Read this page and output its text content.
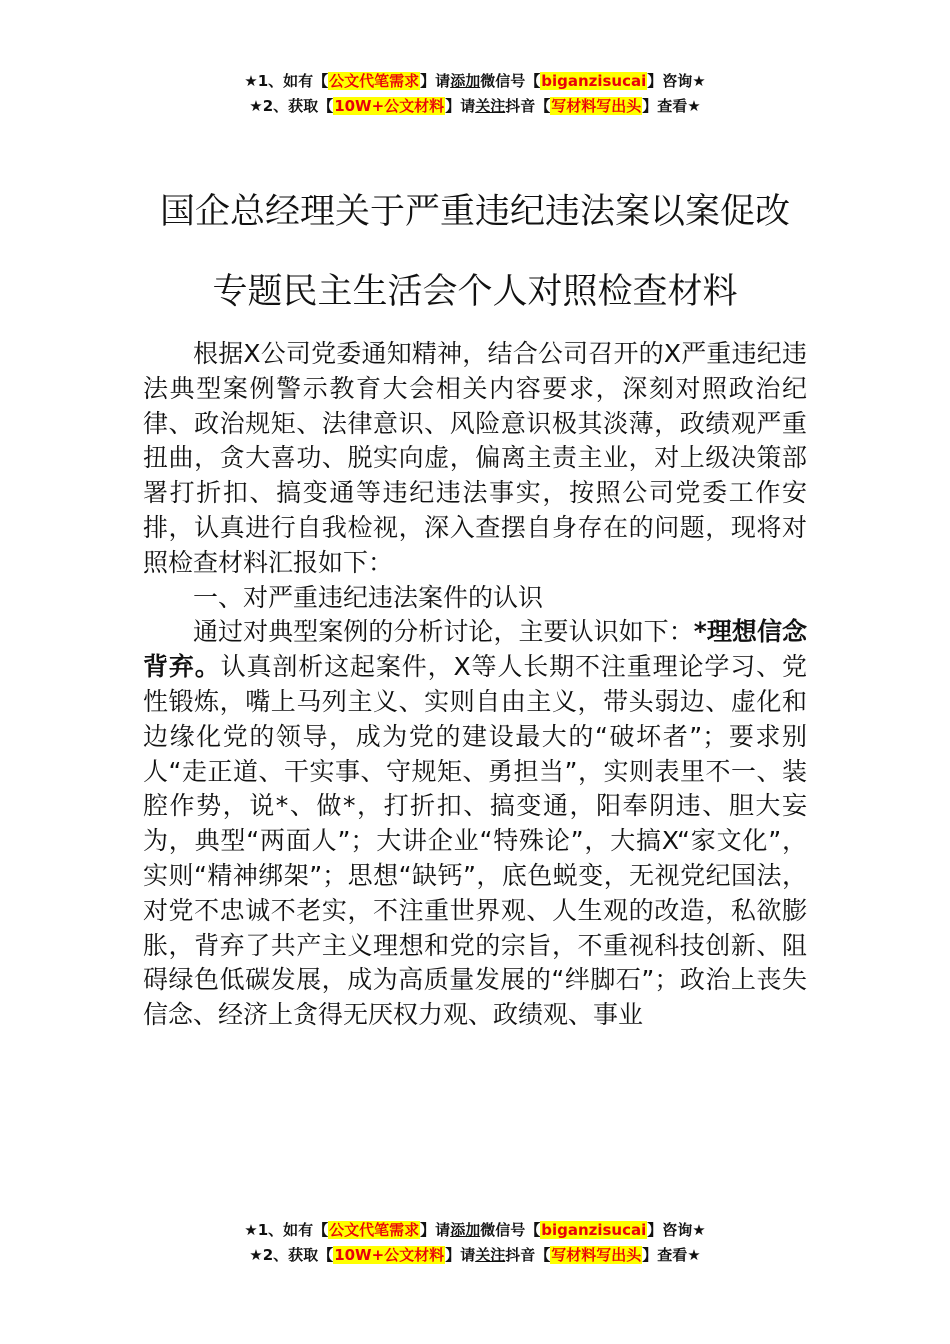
★1、如有【公文代笔需求】请添加微信号【biganzisucai】咨询★
★2、获取【10W+公文材料】请关注抖音【写材料写出头】查看★
国企总经理关于严重违纪违法案以案促改
专题民主生活会个人对照检查材料

根据X公司党委通知精神，结合公司召开的X严重违纪违法典型案例警示教育大会相关内容要求，深刻对照政治纪律、政治规矩、法律意识、风险意识极其淡薄，政绩观严重扭曲，贪大喜功、脱实向虚，偏离主责主业，对上级决策部署打折扣、搞变通等违纪违法事实，按照公司党委工作安排，认真进行自我检视，深入查摆自身存在的问题，现将对照检查材料汇报如下：

一、对严重违纪违法案件的认识

通过对典型案例的分析讨论，主要认识如下：*理想信念背弃。认真剖析这起案件，X等人长期不注重理论学习、党性锻炼，嘴上马列主义、实则自由主义，带头弱边、虚化和边缘化党的领导，成为党的建设最大的“破坏者”；要求别人“走正道、干实事、守规矩、勇担当”，实则表里不一、装腔作势，说*、做*，打折扣、搞变通，阳奉阴违、胆大妄为，典型“两面人”；大讲企业“特殊论”，大搞X“家文化”，实则“精神绑架”；思想“缺钙”，底色蜕变，无视党纪国法，对党不忠诚不老实，不注重世界观、人生观的改造，私欲膨胀，背弃了共产主义理想和党的宗旨，不重视科技创新、阻碍绿色低碳发展，成为高质量发展的“绊脚石”；政治上丧失信念、经济上贪得无厌权力观、政绩观、事业

★1、如有【公文代笔需求】请添加微信号【biganzisucai】咨询★
★2、获取【10W+公文材料】请关注抖音【写材料写出头】查看★
